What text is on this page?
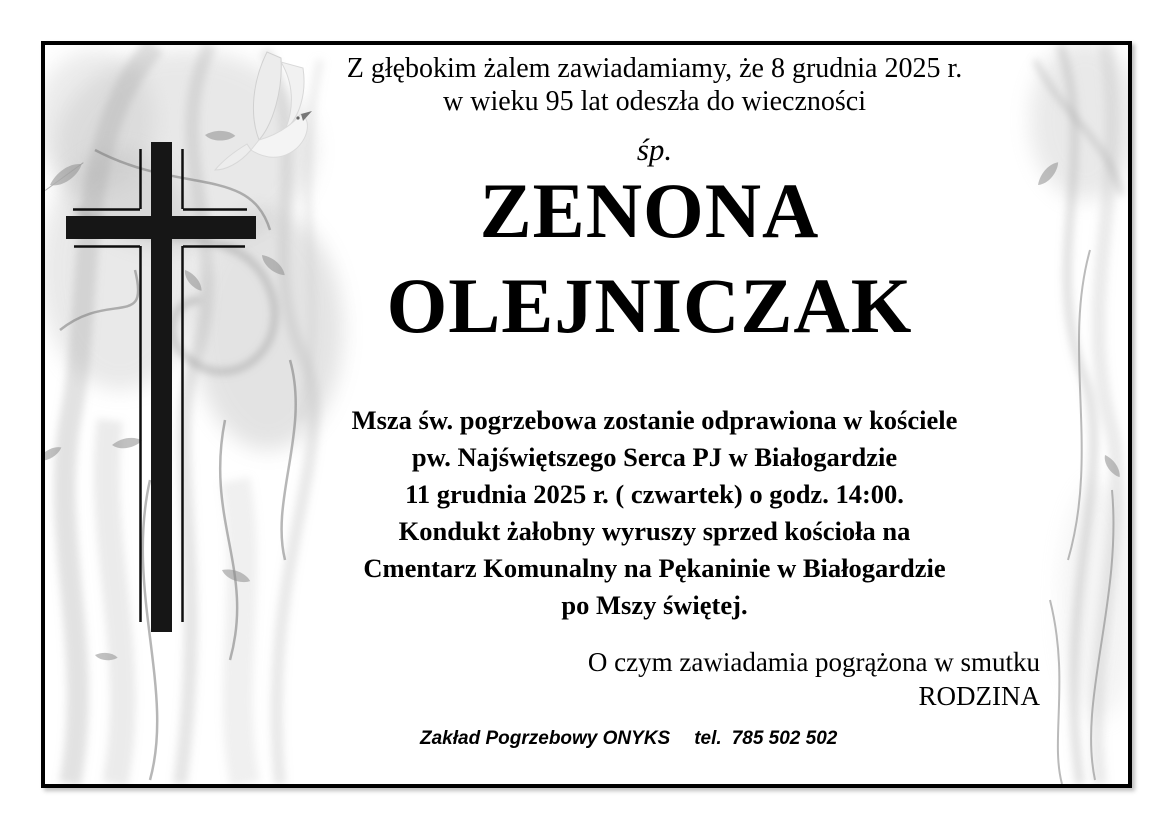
Z głębokim żalem zawiadamiamy, że 8 grudnia 2025 r.
w wieku 95 lat odeszła do wieczności
śp.
ZENONA
OLEJNICZAK
Msza św. pogrzebowa zostanie odprawiona w kościele
pw. Najświętszego Serca PJ w Białogardzie
11 grudnia 2025 r. ( czwartek) o godz. 14:00.
Kondukt żałobny wyruszy sprzed kościoła na
Cmentarz Komunalny na Pękaninie w Białogardzie
po Mszy świętej.
O czym zawiadamia pogrążona w smutku
RODZINA
Zakład Pogrzebowy ONYKS tel. 785 502 502
